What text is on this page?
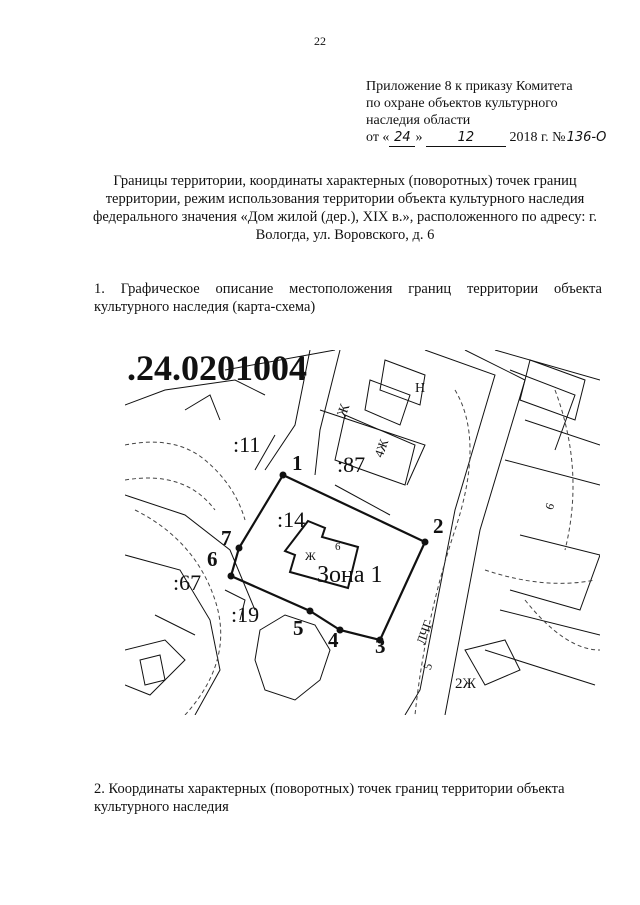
22
Приложение 8 к приказу Комитета
по охране объектов культурного
наследия области
от « 24 »	12	2018 г. №136-О
Границы территории, координаты характерных (поворотных) точек границ территории, режим использования территории объекта культурного наследия федерального значения «Дом жилой (дер.), XIX в.», расположенного по адресу: г. Вологда, ул. Воровского, д. 6
1. Графическое описание местоположения границ территории объекта культурного наследия (карта-схема)
.24.0201004
:11
:87
:14
:67
:19
Зона 1
1
2
3
4
5
6
7
Н
Ж
4Ж
Ж
6
5
2Ж
6
ЛЧГ
2. Координаты характерных (поворотных) точек границ территории объекта культурного наследия
